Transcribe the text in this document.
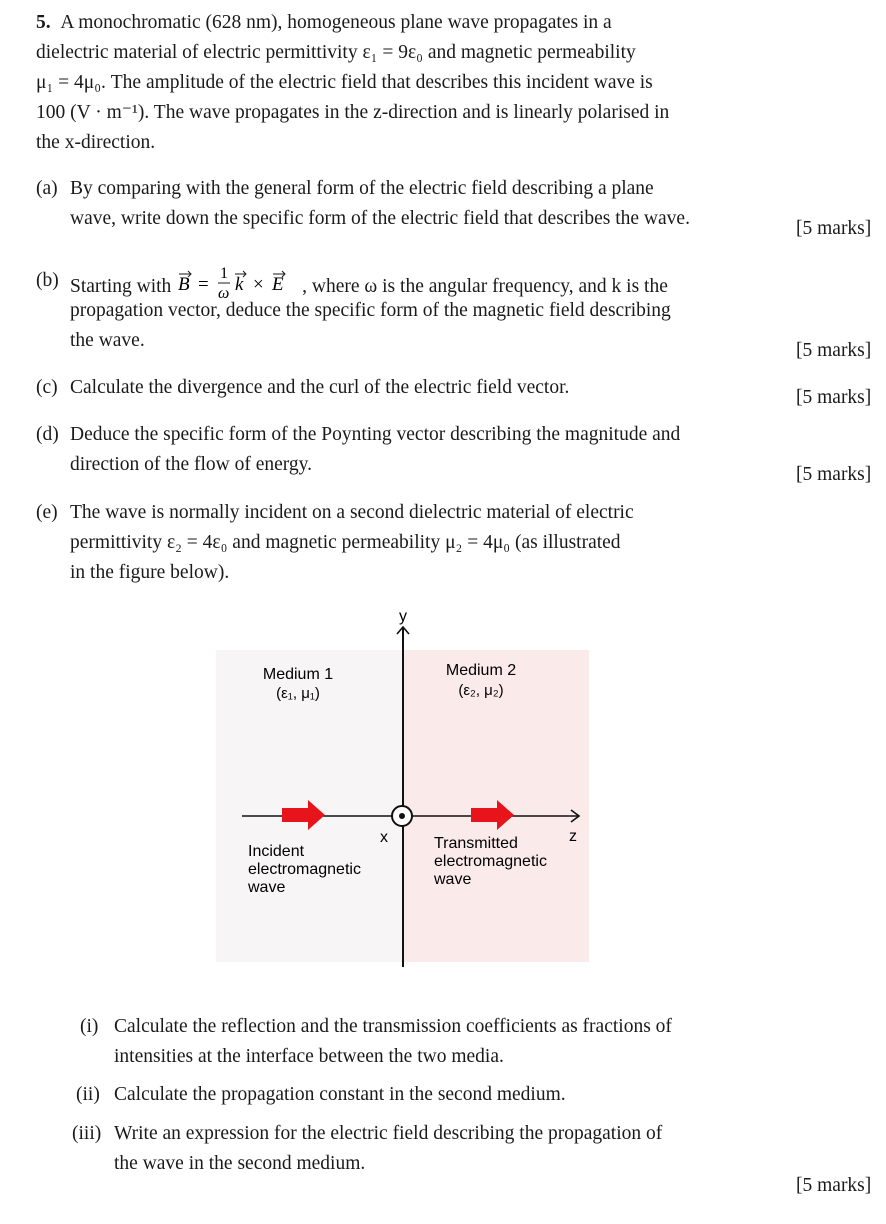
5. A monochromatic (628 nm), homogeneous plane wave propagates in a
dielectric material of electric permittivity ε₁ = 9ε₀ and magnetic permeability
μ₁ = 4μ₀. The amplitude of the electric field that describes this incident wave is
100 (V · m⁻¹). The wave propagates in the z-direction and is linearly polarised in
the x-direction.
(a) By comparing with the general form of the electric field describing a plane
wave, write down the specific form of the electric field that describes the wave.	[5 marks]
(b) Starting with B =
1
ω k × E , where ω is the angular frequency, and k is the
propagation vector, deduce the specific form of the magnetic field describing
the wave.	[5 marks]
(c) Calculate the divergence and the curl of the electric field vector.	[5 marks]
(d) Deduce the specific form of the Poynting vector describing the magnitude and
direction of the flow of energy.	[5 marks]
(e) The wave is normally incident on a second dielectric material of electric
permittivity ε₂ = 4ε₀ and magnetic permeability μ₂ = 4μ₀ (as illustrated
in the figure below).
y
z
x
Medium 1
(ε₁, μ₁)
Medium 2
(ε₂, μ₂)
Incident
electromagnetic
wave
Transmitted
electromagnetic
wave
(i) Calculate the reflection and the transmission coefficients as fractions of
intensities at the interface between the two media.
(ii) Calculate the propagation constant in the second medium.
(iii) Write an expression for the electric field describing the propagation of
the wave in the second medium.
[5 marks]
